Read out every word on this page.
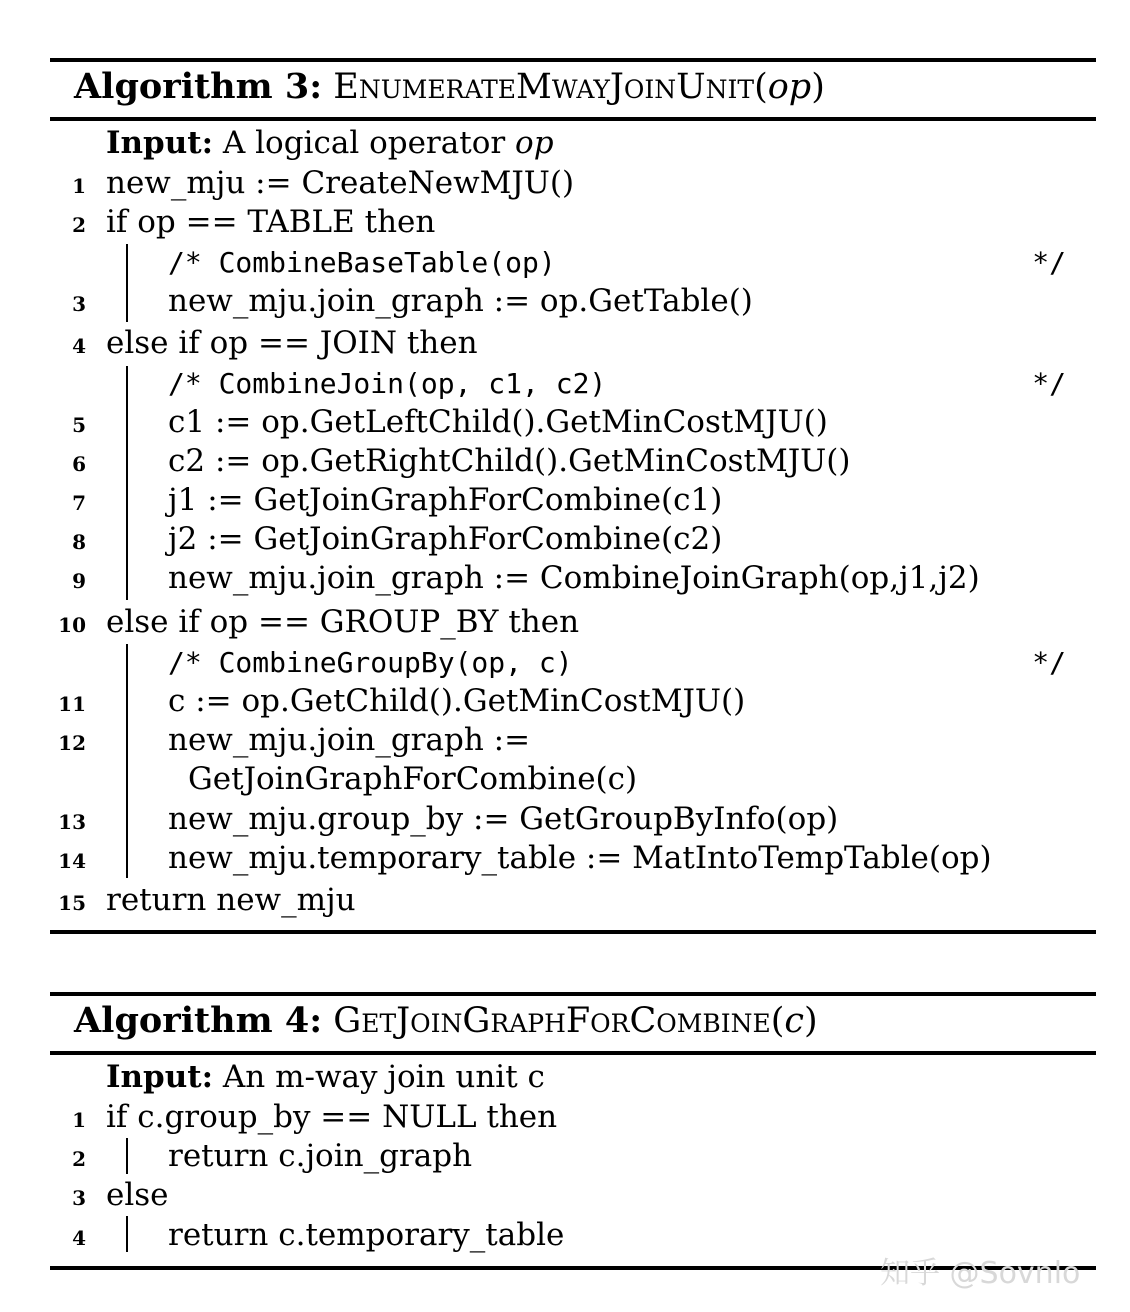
Algorithm 3: EnumerateMwayJoinUnit(op)
Input: A logical operator op
1 new_mju := CreateNewMJU()
2 if op == TABLE then
/* CombineBaseTable(op)	*/
3	new_mju.join_graph := op.GetTable()
4 else if op == JOIN then
/* CombineJoin(op, c1, c2)	*/
5	c1 := op.GetLeftChild().GetMinCostMJU()
6	c2 := op.GetRightChild().GetMinCostMJU()
7	j1 := GetJoinGraphForCombine(c1)
8	j2 := GetJoinGraphForCombine(c2)
9	new_mju.join_graph := CombineJoinGraph(op,j1,j2)
10 else if op == GROUP_BY then
/* CombineGroupBy(op, c)	*/
11	c := op.GetChild().GetMinCostMJU()
12	new_mju.join_graph :=
GetJoinGraphForCombine(c)
13	new_mju.group_by := GetGroupByInfo(op)
14	new_mju.temporary_table := MatIntoTempTable(op)
15 return new_mju
Algorithm 4: GetJoinGraphForCombine(c)
Input: An m-way join unit c
1 if c.group_by == NULL then
2	return c.join_graph
3 else
4	return c.temporary_table
知乎 @Sovnlo
